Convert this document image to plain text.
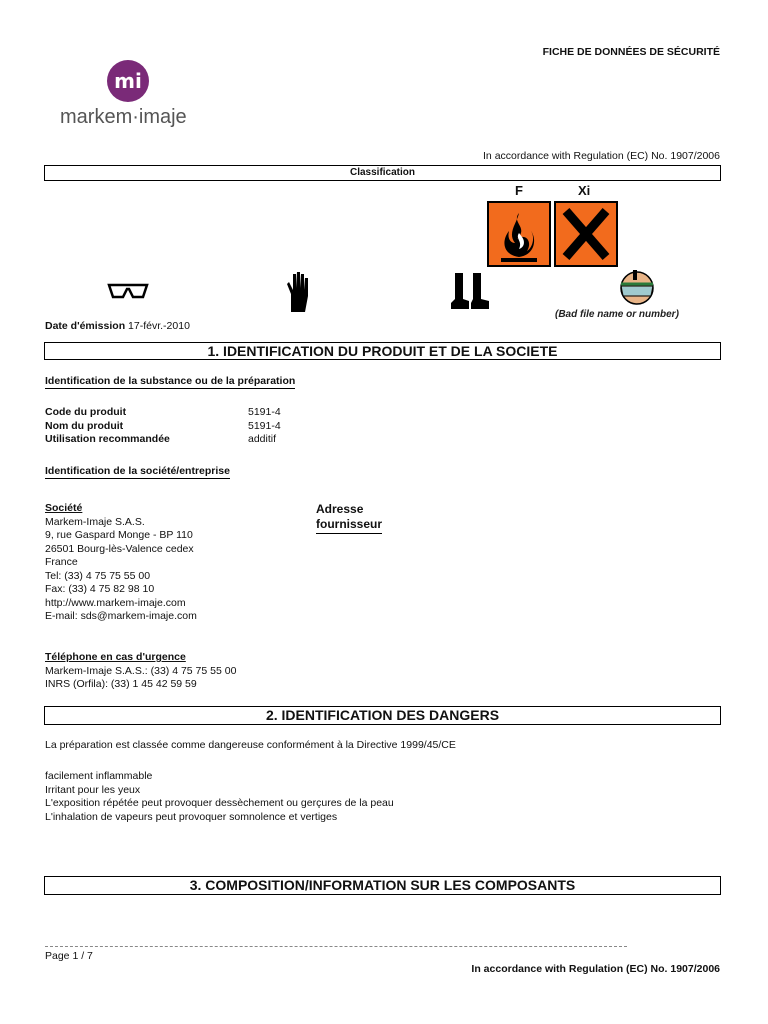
FICHE DE DONNÉES DE SÉCURITÉ
mi
markem·imaje
In accordance with Regulation (EC) No. 1907/2006
Classification
F	Xi
(Bad file name or number)
Date d'émission 17-févr.-2010
1. IDENTIFICATION DU PRODUIT ET DE LA SOCIETE
Identification de la substance ou de la préparation
Code du produit	5191-4
Nom du produit	5191-4
Utilisation recommandée	additif
Identification de la société/entreprise
Société
Markem-Imaje S.A.S.
9, rue Gaspard Monge - BP 110
26501 Bourg-lès-Valence cedex
France
Tel: (33) 4 75 75 55 00
Fax: (33) 4 75 82 98 10
http://www.markem-imaje.com
E-mail: sds@markem-imaje.com
Adresse
fournisseur
Téléphone en cas d'urgence
Markem-Imaje S.A.S.: (33) 4 75 75 55 00
INRS (Orfila): (33) 1 45 42 59 59
2. IDENTIFICATION DES DANGERS
La préparation est classée comme dangereuse conformément à la Directive 1999/45/CE
facilement inflammable
Irritant pour les yeux
L'exposition répétée peut provoquer dessèchement ou gerçures de la peau
L'inhalation de vapeurs peut provoquer somnolence et vertiges
3. COMPOSITION/INFORMATION SUR LES COMPOSANTS
Page 1 / 7
In accordance with Regulation (EC) No. 1907/2006
